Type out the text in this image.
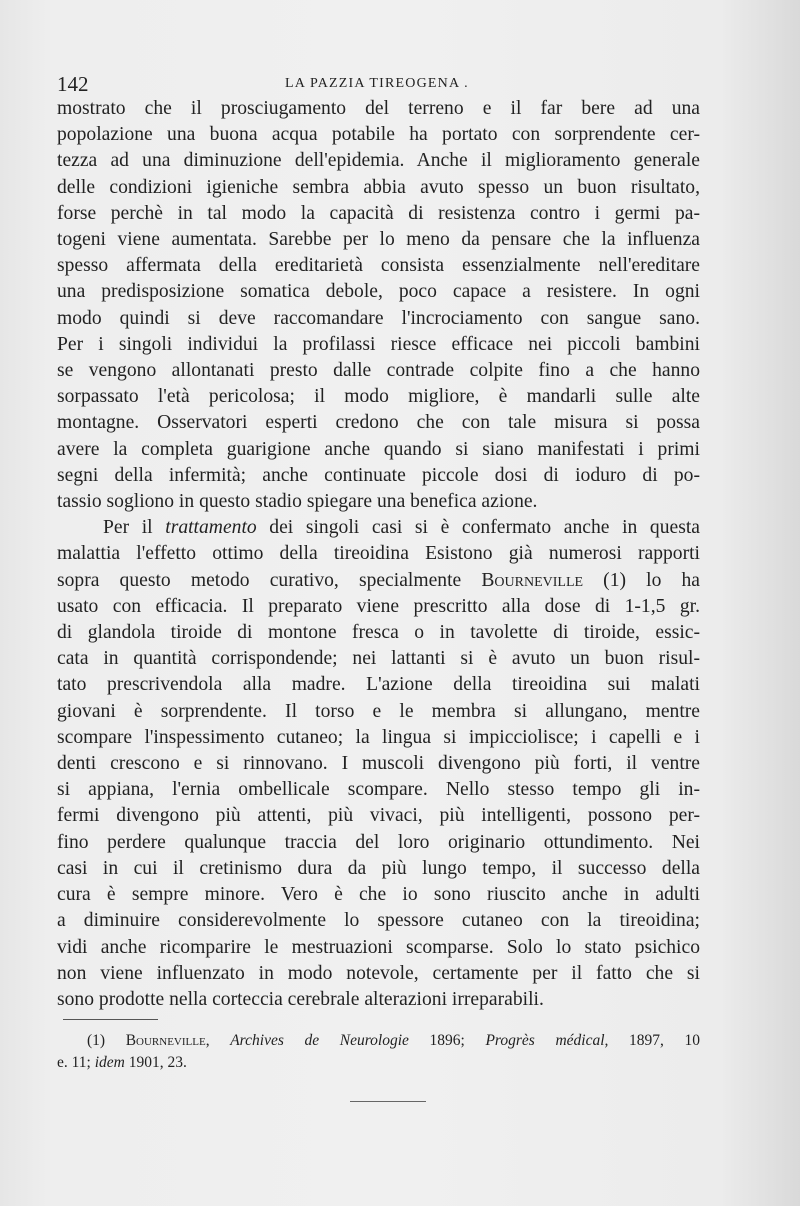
142	LA PAZZIA TIREOGENA .

mostrato che il prosciugamento del terreno e il far bere ad una

popolazione una buona acqua potabile ha portato con sorprendente cer-

tezza ad una diminuzione dell'epidemia. Anche il miglioramento generale

delle condizioni igieniche sembra abbia avuto spesso un buon risultato,

forse perchè in tal modo la capacità di resistenza contro i germi pa-

togeni viene aumentata. Sarebbe per lo meno da pensare che la influenza

spesso affermata della ereditarietà consista essenzialmente nell'ereditare

una predisposizione somatica debole, poco capace a resistere. In ogni

modo quindi si deve raccomandare l'incrociamento con sangue sano.

Per i singoli individui la profilassi riesce efficace nei piccoli bambini

se vengono allontanati presto dalle contrade colpite fino a che hanno

sorpassato l'età pericolosa; il modo migliore, è mandarli sulle alte

montagne. Osservatori esperti credono che con tale misura si possa

avere la completa guarigione anche quando si siano manifestati i primi

segni della infermità; anche continuate piccole dosi di ioduro di po-

tassio sogliono in questo stadio spiegare una benefica azione.

Per il trattamento dei singoli casi si è confermato anche in questa

malattia l'effetto ottimo della tireoidina Esistono già numerosi rapporti

sopra questo metodo curativo, specialmente Bourneville (1) lo ha

usato con efficacia. Il preparato viene prescritto alla dose di 1-1,5 gr.

di glandola tiroide di montone fresca o in tavolette di tiroide, essic-

cata in quantità corrispondende; nei lattanti si è avuto un buon risul-

tato prescrivendola alla madre. L'azione della tireoidina sui malati

giovani è sorprendente. Il torso e le membra si allungano, mentre

scompare l'inspessimento cutaneo; la lingua si impicciolisce; i capelli e i

denti crescono e si rinnovano. I muscoli divengono più forti, il ventre

si appiana, l'ernia ombellicale scompare. Nello stesso tempo gli in-

fermi divengono più attenti, più vivaci, più intelligenti, possono per-

fino perdere qualunque traccia del loro originario ottundimento. Nei

casi in cui il cretinismo dura da più lungo tempo, il successo della

cura è sempre minore. Vero è che io sono riuscito anche in adulti

a diminuire considerevolmente lo spessore cutaneo con la tireoidina;

vidi anche ricomparire le mestruazioni scomparse. Solo lo stato psichico

non viene influenzato in modo notevole, certamente per il fatto che si

sono prodotte nella corteccia cerebrale alterazioni irreparabili.

(1) Bourneville, Archives de Neurologie 1896; Progrès médical, 1897, 10

e. 11; idem 1901, 23.
